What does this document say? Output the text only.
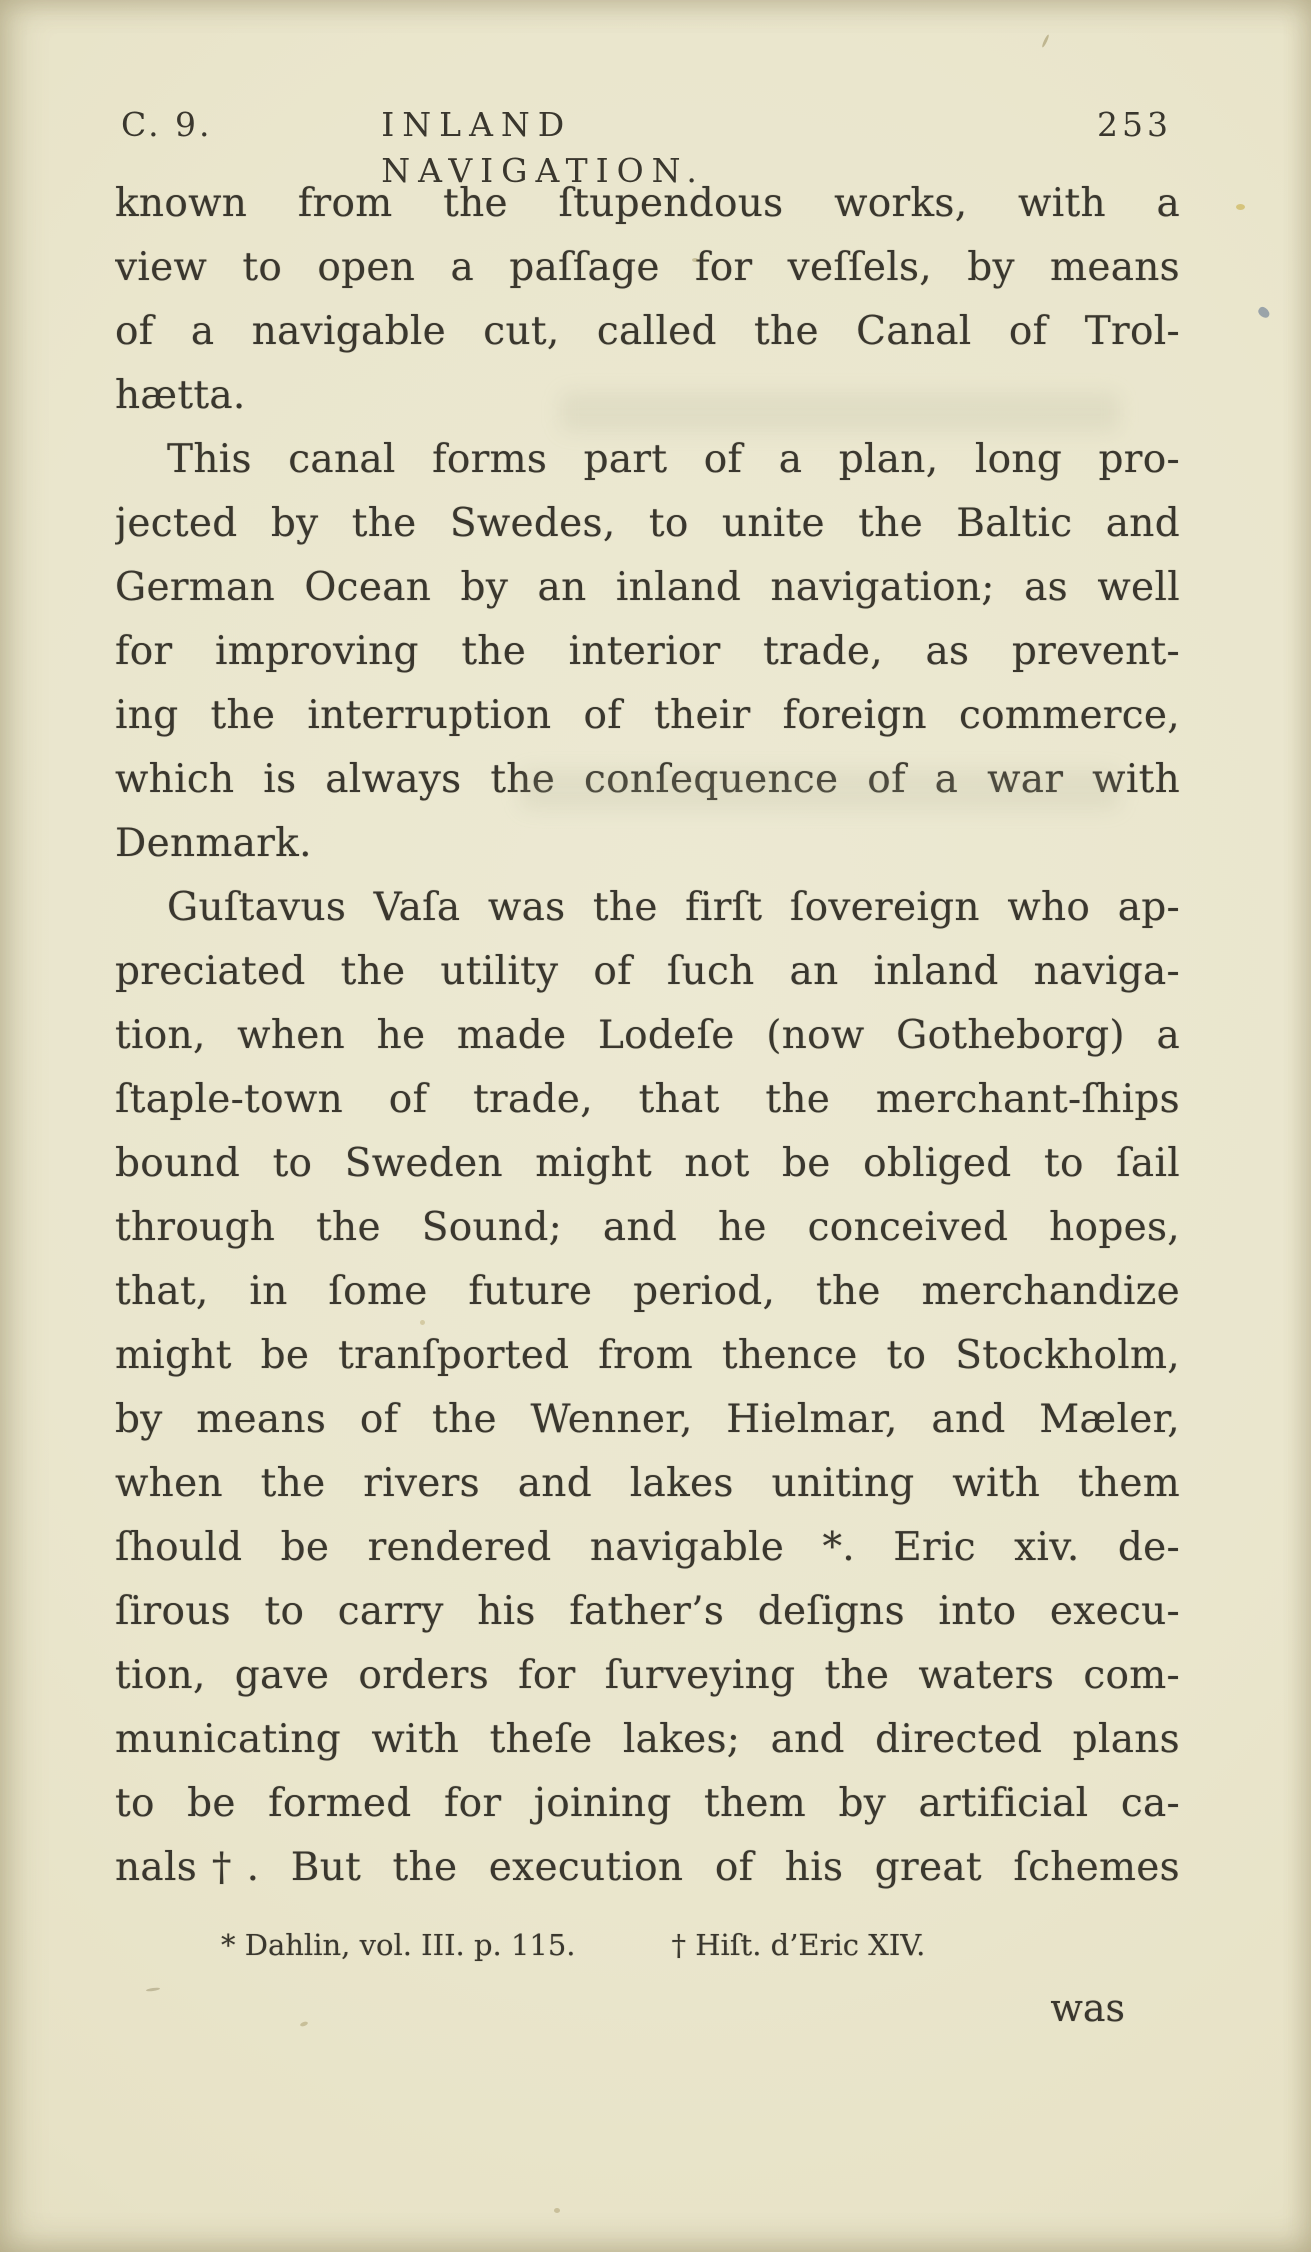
C. 9.	INLAND NAVIGATION.
253
known from the ſtupendous works, with a
view to open a paſſage for veſſels, by means
of a navigable cut, called the Canal of Trol-
hætta.
This canal forms part of a plan, long pro-
jected by the Swedes, to unite the Baltic and
German Ocean by an inland navigation; as well
for improving the interior trade, as prevent-
ing the interruption of their foreign commerce,
which is always the conſequence of a war with
Denmark.
Guſtavus Vaſa was the firſt ſovereign who ap-
preciated the utility of ſuch an inland naviga-
tion, when he made Lodeſe (now Gotheborg) a
ſtaple-town of trade, that the merchant-ſhips
bound to Sweden might not be obliged to ſail
through the Sound; and he conceived hopes,
that, in ſome future period, the merchandize
might be tranſported from thence to Stockholm,
by means of the Wenner, Hielmar, and Mæler,
when the rivers and lakes uniting with them
ſhould be rendered navigable *. Eric xiv. de-
ſirous to carry his father’s deſigns into execu-
tion, gave orders for ſurveying the waters com-
municating with theſe lakes; and directed plans
to be formed for joining them by artificial ca-
nals†. But the execution of his great ſchemes
* Dahlin, vol. III. p. 115.	† Hiſt. d’Eric XIV.
was
